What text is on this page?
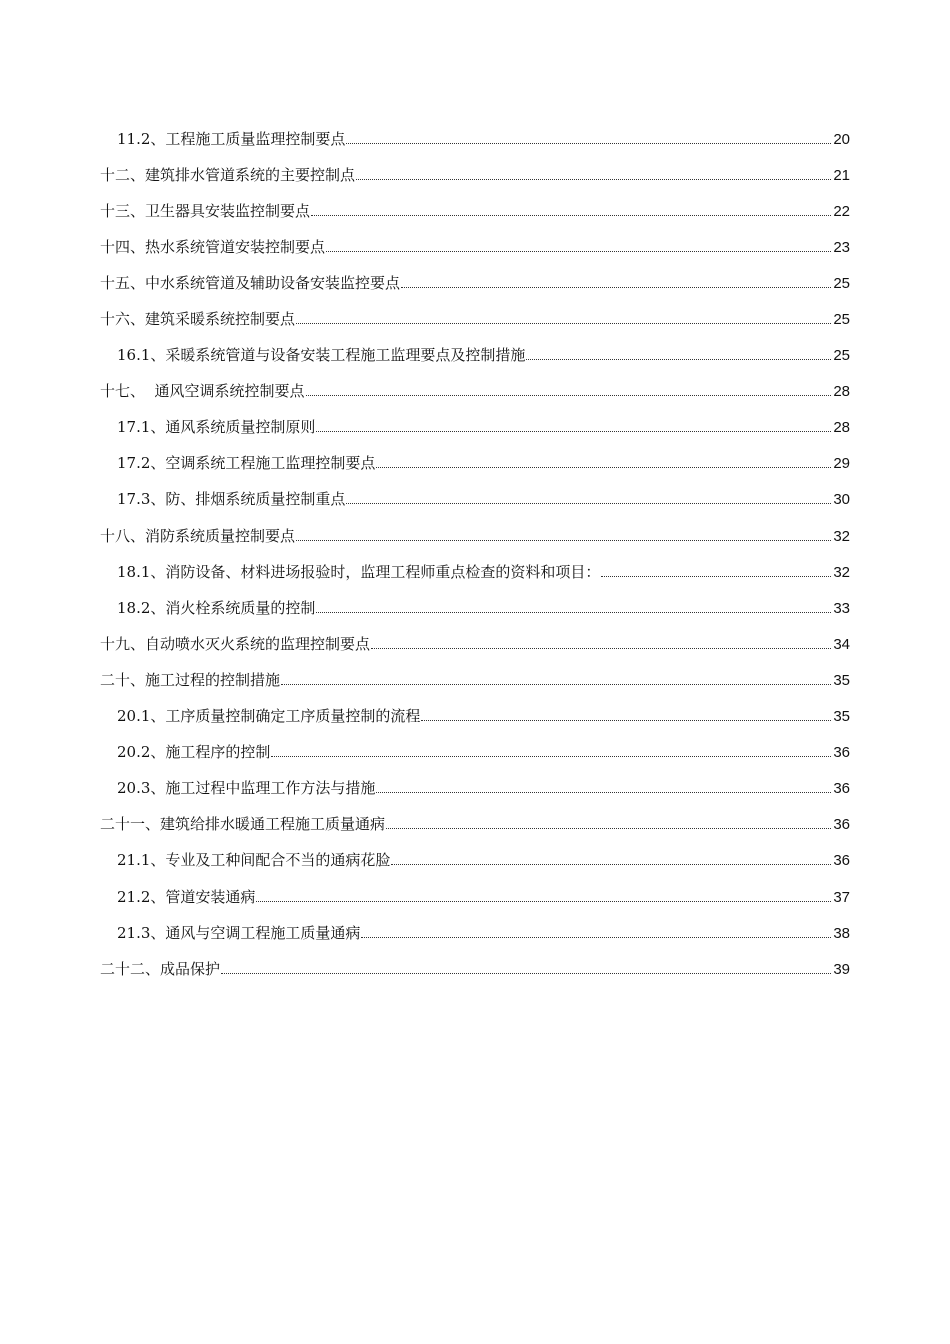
11.2、工程施工质量监理控制要点	20
十二、建筑排水管道系统的主要控制点	21
十三、卫生器具安装监控制要点	22
十四、热水系统管道安装控制要点	23
十五、中水系统管道及辅助设备安装监控要点	25
十六、建筑采暖系统控制要点	25
16.1、采暖系统管道与设备安装工程施工监理要点及控制措施	25
十七、  通风空调系统控制要点	28
17.1、通风系统质量控制原则	28
17.2、空调系统工程施工监理控制要点	29
17.3、防、排烟系统质量控制重点	30
十八、消防系统质量控制要点	32
18.1、消防设备、材料进场报验时，监理工程师重点检查的资料和项目：	32
18.2、消火栓系统质量的控制	33
十九、自动喷水灭火系统的监理控制要点	34
二十、施工过程的控制措施	35
20.1、工序质量控制确定工序质量控制的流程	35
20.2、施工程序的控制	36
20.3、施工过程中监理工作方法与措施	36
二十一、建筑给排水暖通工程施工质量通病	36
21.1、专业及工种间配合不当的通病花脸	36
21.2、管道安装通病	37
21.3、通风与空调工程施工质量通病	38
二十二、成品保护	39
